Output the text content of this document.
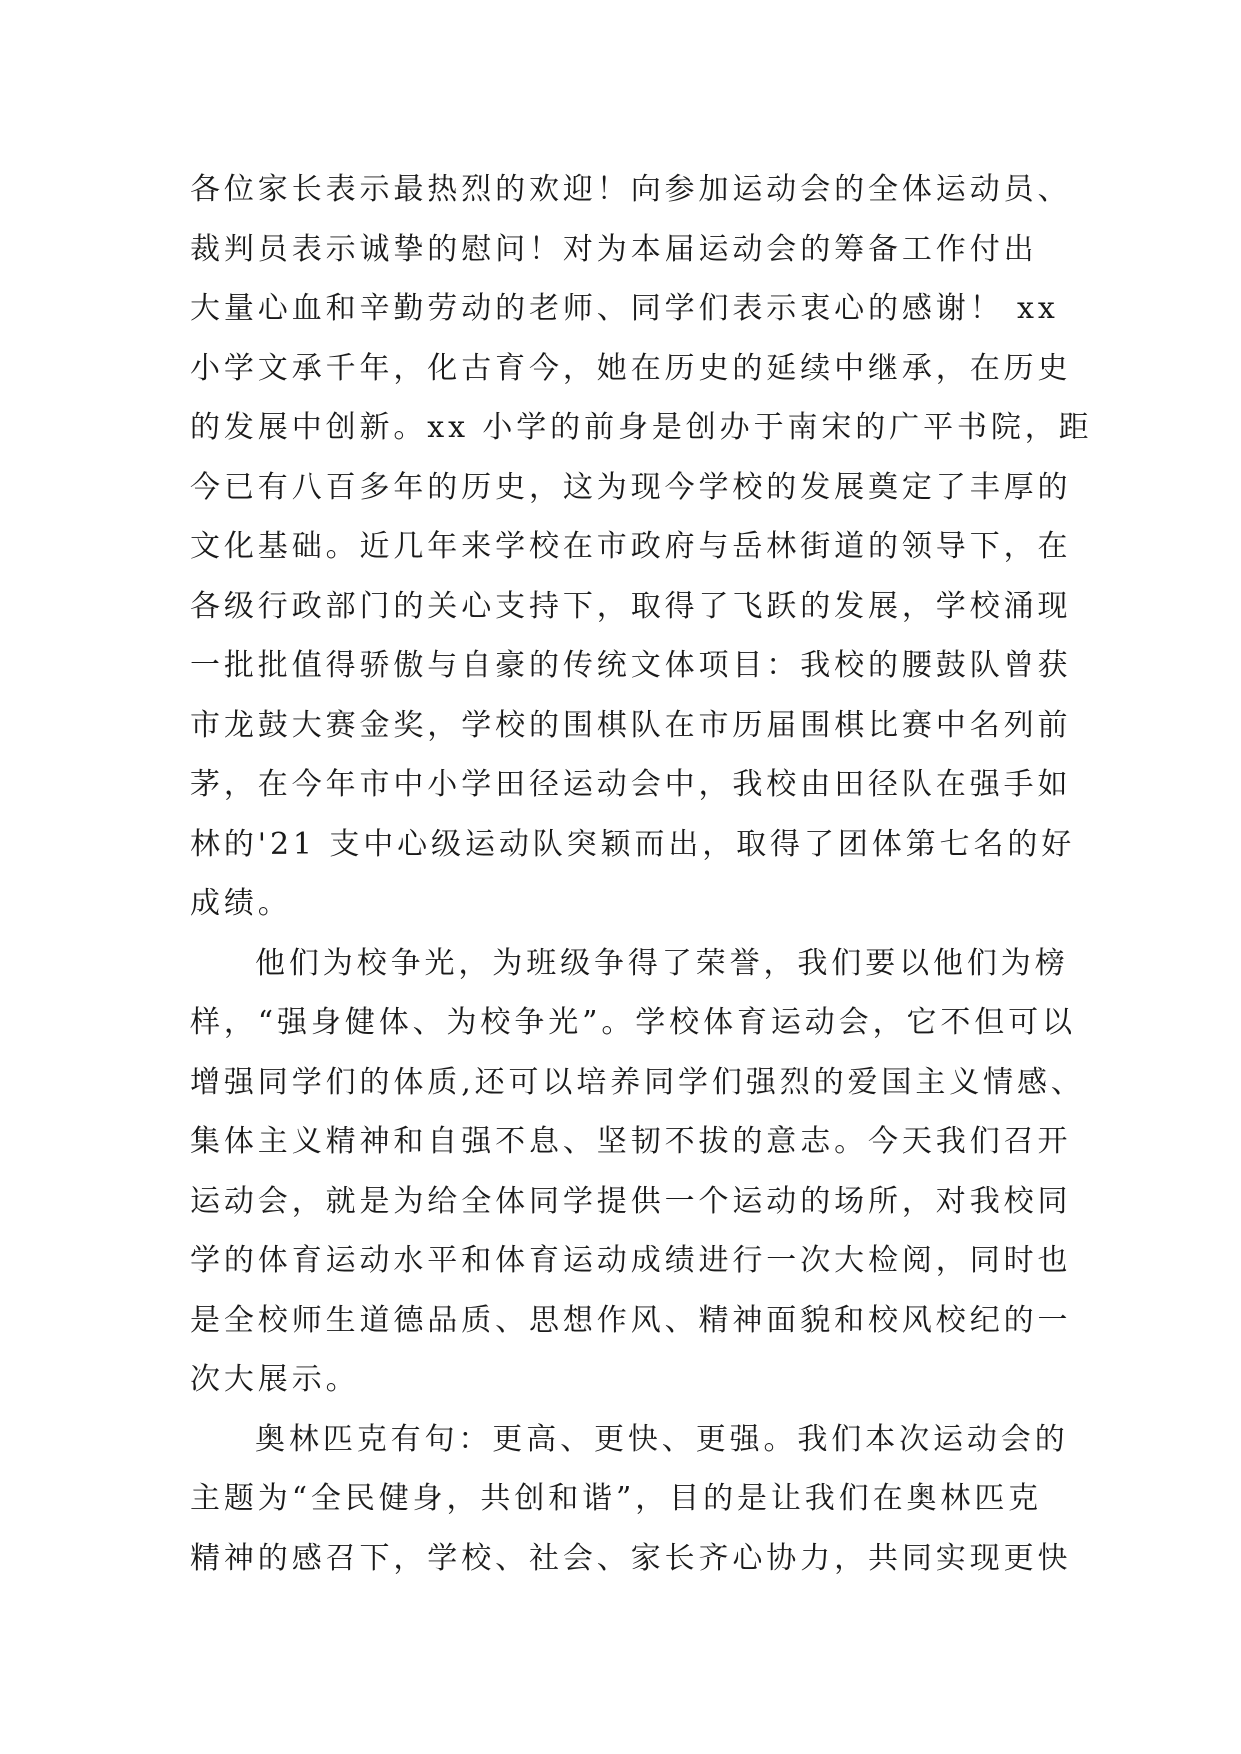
各位家长表示最热烈的欢迎！向参加运动会的全体运动员、
裁判员表示诚挚的慰问！对为本届运动会的筹备工作付出
大量心血和辛勤劳动的老师、同学们表示衷心的感谢！ xx
小学文承千年，化古育今，她在历史的延续中继承，在历史
的发展中创新。xx 小学的前身是创办于南宋的广平书院，距
今已有八百多年的历史，这为现今学校的发展奠定了丰厚的
文化基础。近几年来学校在市政府与岳林街道的领导下，在
各级行政部门的关心支持下，取得了飞跃的发展，学校涌现
一批批值得骄傲与自豪的传统文体项目：我校的腰鼓队曾获
市龙鼓大赛金奖，学校的围棋队在市历届围棋比赛中名列前
茅，在今年市中小学田径运动会中，我校由田径队在强手如
林的'21 支中心级运动队突颖而出，取得了团体第七名的好
成绩。
他们为校争光，为班级争得了荣誉，我们要以他们为榜
样，“强身健体、为校争光”。学校体育运动会，它不但可以
增强同学们的体质,还可以培养同学们强烈的爱国主义情感、
集体主义精神和自强不息、坚韧不拔的意志。今天我们召开
运动会，就是为给全体同学提供一个运动的场所，对我校同
学的体育运动水平和体育运动成绩进行一次大检阅，同时也
是全校师生道德品质、思想作风、精神面貌和校风校纪的一
次大展示。
奥林匹克有句：更高、更快、更强。我们本次运动会的
主题为“全民健身，共创和谐”，目的是让我们在奥林匹克
精神的感召下，学校、社会、家长齐心协力，共同实现更快
